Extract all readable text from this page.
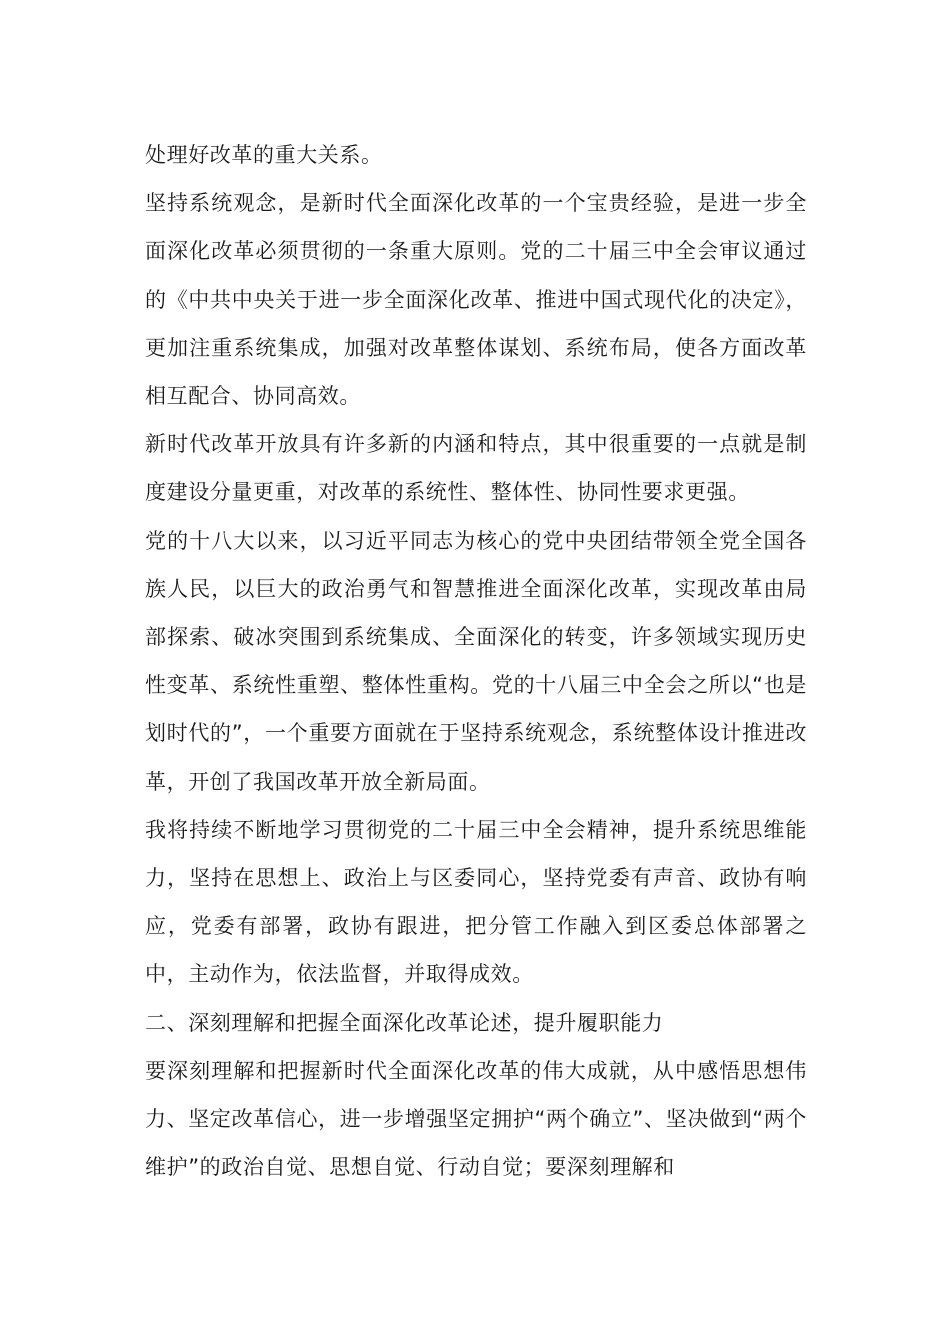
处理好改革的重大关系。

坚持系统观念，是新时代全面深化改革的一个宝贵经验，是进一步全面深化改革必须贯彻的一条重大原则。党的二十届三中全会审议通过的《中共中央关于进一步全面深化改革、推进中国式现代化的决定》，更加注重系统集成，加强对改革整体谋划、系统布局，使各方面改革相互配合、协同高效。

新时代改革开放具有许多新的内涵和特点，其中很重要的一点就是制度建设分量更重，对改革的系统性、整体性、协同性要求更强。

党的十八大以来，以习近平同志为核心的党中央团结带领全党全国各族人民，以巨大的政治勇气和智慧推进全面深化改革，实现改革由局部探索、破冰突围到系统集成、全面深化的转变，许多领域实现历史性变革、系统性重塑、整体性重构。党的十八届三中全会之所以“也是划时代的”，一个重要方面就在于坚持系统观念，系统整体设计推进改革，开创了我国改革开放全新局面。

我将持续不断地学习贯彻党的二十届三中全会精神，提升系统思维能力，坚持在思想上、政治上与区委同心，坚持党委有声音、政协有响应，党委有部署，政协有跟进，把分管工作融入到区委总体部署之中，主动作为，依法监督，并取得成效。

二、深刻理解和把握全面深化改革论述，提升履职能力

要深刻理解和把握新时代全面深化改革的伟大成就，从中感悟思想伟力、坚定改革信心，进一步增强坚定拥护“两个确立”、坚决做到“两个维护”的政治自觉、思想自觉、行动自觉；要深刻理解和
